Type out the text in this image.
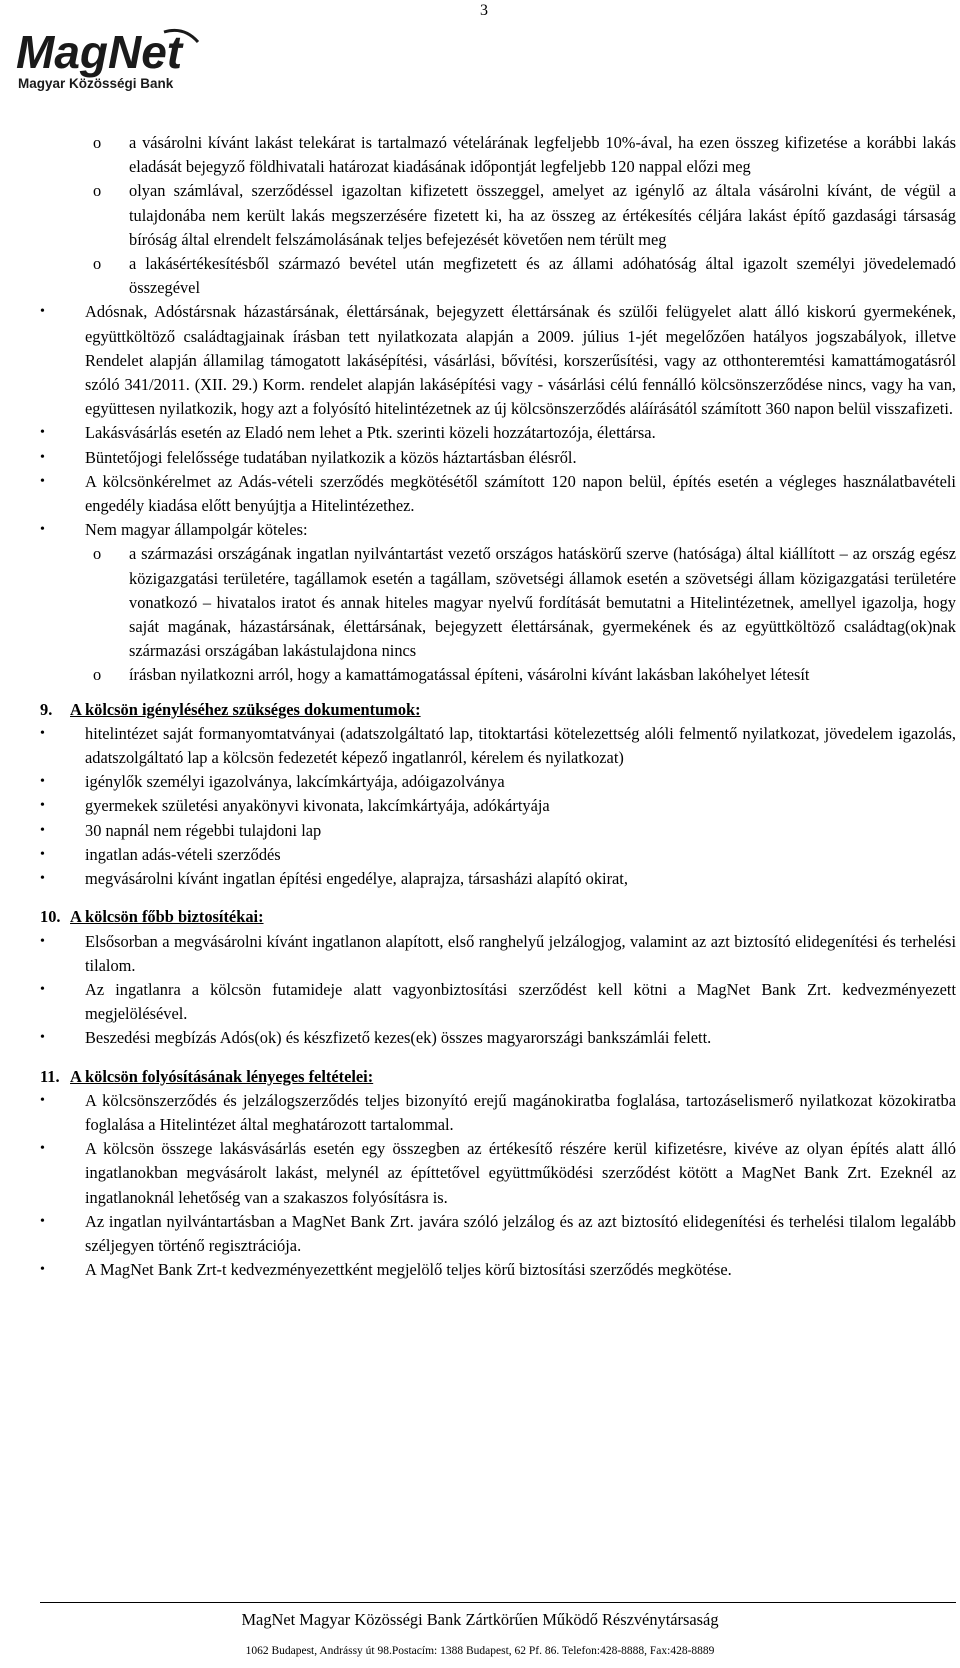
3
MagNet
Magyar Közösségi Bank
o a vásárolni kívánt lakást telekárat is tartalmazó vételárának legfeljebb 10%-ával, ha ezen összeg kifizetése a korábbi lakás eladását bejegyző földhivatali határozat kiadásának időpontját legfeljebb 120 nappal előzi meg
o olyan számlával, szerződéssel igazoltan kifizetett összeggel, amelyet az igénylő az általa vásárolni kívánt, de végül a tulajdonába nem került lakás megszerzésére fizetett ki, ha az összeg az értékesítés céljára lakást építő gazdasági társaság bíróság által elrendelt felszámolásának teljes befejezését követően nem térült meg
o a lakásértékesítésből származó bevétel után megfizetett és az állami adóhatóság által igazolt személyi jövedelemadó összegével
• Adósnak, Adóstársnak házastársának, élettársának, bejegyzett élettársának és szülői felügyelet alatt álló kiskorú gyermekének, együttköltöző családtagjainak írásban tett nyilatkozata alapján a 2009. július 1-jét megelőzően hatályos jogszabályok, illetve Rendelet alapján államilag támogatott lakásépítési, vásárlási, bővítési, korszerűsítési, vagy az otthonteremtési kamattámogatásról szóló 341/2011. (XII. 29.) Korm. rendelet alapján lakásépítési vagy - vásárlási célú fennálló kölcsönszerződése nincs, vagy ha van, együttesen nyilatkozik, hogy azt a folyósító hitelintézetnek az új kölcsönszerződés aláírásától számított 360 napon belül visszafizeti.
• Lakásvásárlás esetén az Eladó nem lehet a Ptk. szerinti közeli hozzátartozója, élettársa.
• Büntetőjogi felelőssége tudatában nyilatkozik a közös háztartásban élésről.
• A kölcsönkérelmet az Adás-vételi szerződés megkötésétől számított 120 napon belül, építés esetén a végleges használatbavételi engedély kiadása előtt benyújtja a Hitelintézethez.
• Nem magyar állampolgár köteles:
o a származási országának ingatlan nyilvántartást vezető országos hatáskörű szerve (hatósága) által kiállított – az ország egész közigazgatási területére, tagállamok esetén a tagállam, szövetségi államok esetén a szövetségi állam közigazgatási területére vonatkozó – hivatalos iratot és annak hiteles magyar nyelvű fordítását bemutatni a Hitelintézetnek, amellyel igazolja, hogy saját magának, házastársának, élettársának, bejegyzett élettársának, gyermekének és az együttköltöző családtag(ok)nak származási országában lakástulajdona nincs
o írásban nyilatkozni arról, hogy a kamattámogatással építeni, vásárolni kívánt lakásban lakóhelyet létesít
9. A kölcsön igényléséhez szükséges dokumentumok:
• hitelintézet saját formanyomtatványai (adatszolgáltató lap, titoktartási kötelezettség alóli felmentő nyilatkozat, jövedelem igazolás, adatszolgáltató lap a kölcsön fedezetét képező ingatlanról, kérelem és nyilatkozat)
• igénylők személyi igazolványa, lakcímkártyája, adóigazolványa
• gyermekek születési anyakönyvi kivonata, lakcímkártyája, adókártyája
• 30 napnál nem régebbi tulajdoni lap
• ingatlan adás-vételi szerződés
• megvásárolni kívánt ingatlan építési engedélye, alaprajza, társasházi alapító okirat,
10. A kölcsön főbb biztosítékai:
• Elsősorban a megvásárolni kívánt ingatlanon alapított, első ranghelyű jelzálogjog, valamint az azt biztosító elidegenítési és terhelési tilalom.
• Az ingatlanra a kölcsön futamideje alatt vagyonbiztosítási szerződést kell kötni a MagNet Bank Zrt. kedvezményezett megjelölésével.
• Beszedési megbízás Adós(ok) és készfizető kezes(ek) összes magyarországi bankszámlái felett.
11. A kölcsön folyósításának lényeges feltételei:
• A kölcsönszerződés és jelzálogszerződés teljes bizonyító erejű magánokiratba foglalása, tartozáselismerő nyilatkozat közokiratba foglalása a Hitelintézet által meghatározott tartalommal.
• A kölcsön összege lakásvásárlás esetén egy összegben az értékesítő részére kerül kifizetésre, kivéve az olyan építés alatt álló ingatlanokban megvásárolt lakást, melynél az építtetővel együttműködési szerződést kötött a MagNet Bank Zrt. Ezeknél az ingatlanoknál lehetőség van a szakaszos folyósításra is.
• Az ingatlan nyilvántartásban a MagNet Bank Zrt. javára szóló jelzálog és az azt biztosító elidegenítési és terhelési tilalom legalább széljegyen történő regisztrációja.
• A MagNet Bank Zrt-t kedvezményezettként megjelölő teljes körű biztosítási szerződés megkötése.
MagNet Magyar Közösségi Bank Zártkörűen Működő Részvénytársaság
1062 Budapest, Andrássy út 98.Postacím: 1388 Budapest, 62 Pf. 86. Telefon:428-8888, Fax:428-8889
